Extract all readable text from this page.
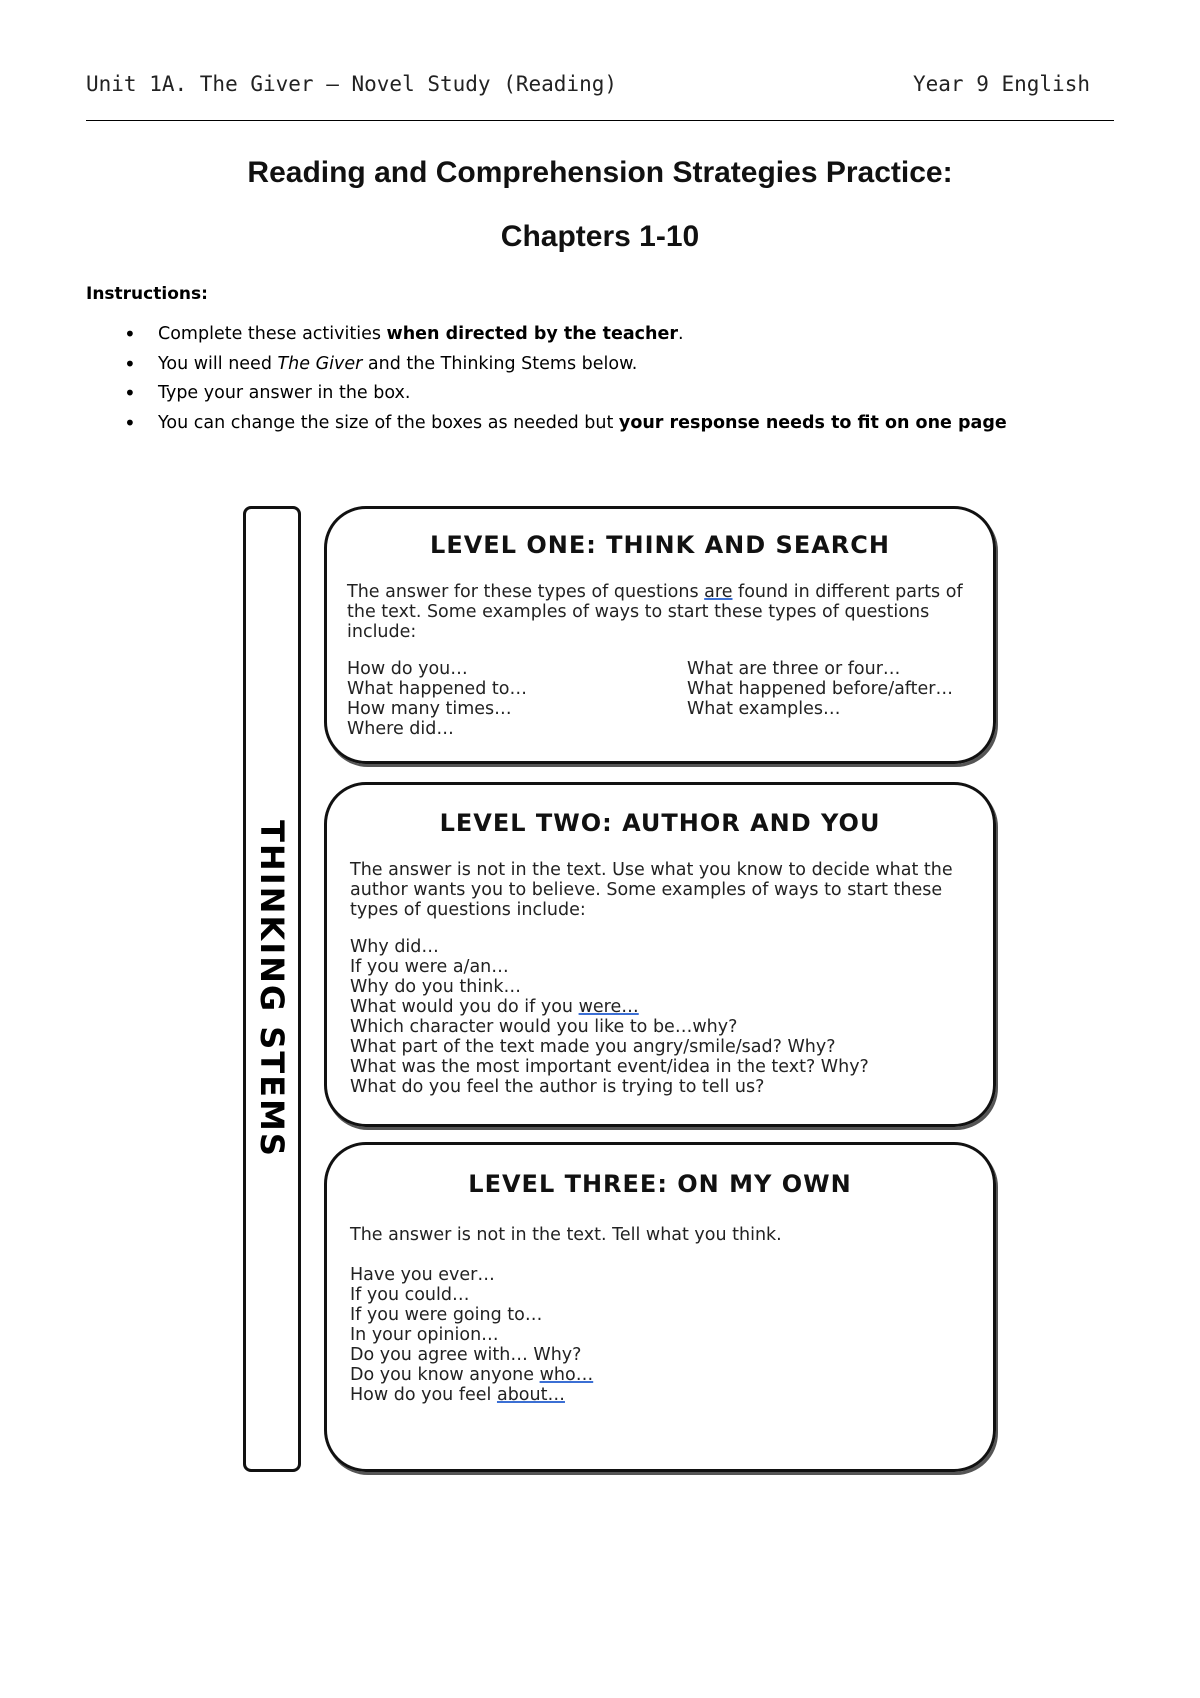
Unit 1A. The Giver – Novel Study (Reading)	Year 9 English
Reading and Comprehension Strategies Practice:
Chapters 1-10
Instructions:
• Complete these activities when directed by the teacher.
• You will need The Giver and the Thinking Stems below.
• Type your answer in the box.
• You can change the size of the boxes as needed but your response needs to fit on one page
THINKING STEMS
LEVEL ONE: THINK AND SEARCH
The answer for these types of questions are found in different parts of the text. Some examples of ways to start these types of questions include:
How do you…
What happened to…
How many times…
Where did…
What are three or four…
What happened before/after…
What examples…
LEVEL TWO: AUTHOR AND YOU
The answer is not in the text. Use what you know to decide what the author wants you to believe. Some examples of ways to start these types of questions include:
Why did…
If you were a/an…
Why do you think…
What would you do if you were…
Which character would you like to be…why?
What part of the text made you angry/smile/sad? Why?
What was the most important event/idea in the text? Why?
What do you feel the author is trying to tell us?
LEVEL THREE: ON MY OWN
The answer is not in the text. Tell what you think.
Have you ever…
If you could…
If you were going to…
In your opinion…
Do you agree with… Why?
Do you know anyone who…
How do you feel about…
